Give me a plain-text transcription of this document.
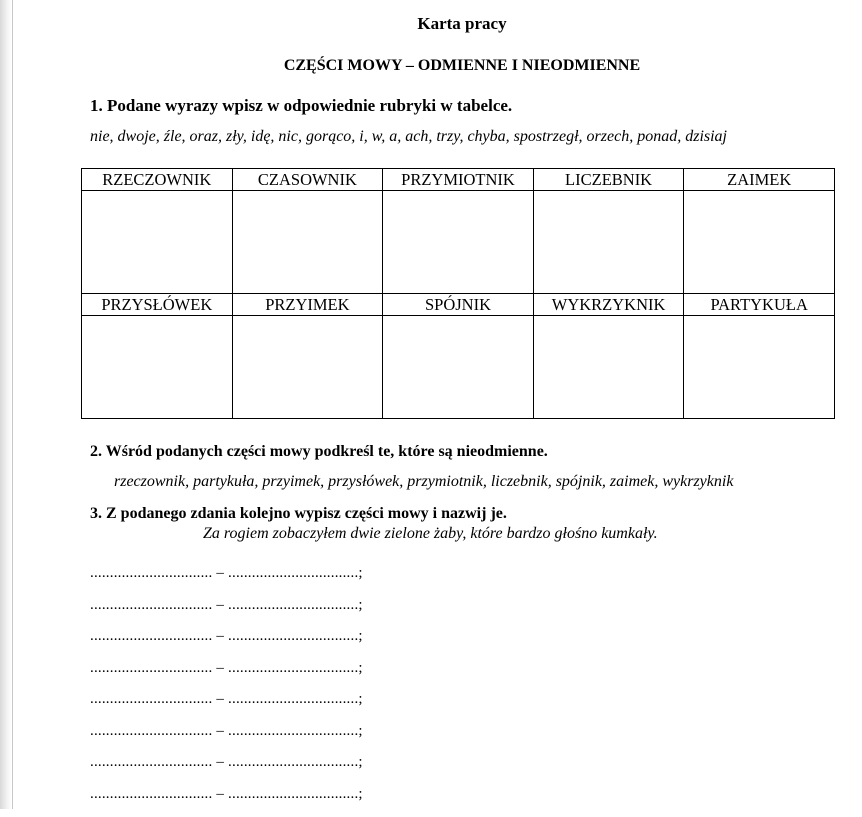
Karta pracy
CZĘŚCI MOWY – ODMIENNE I NIEODMIENNE
1. Podane wyrazy wpisz w odpowiednie rubryki w tabelce.
nie, dwoje, źle, oraz, zły, idę, nic, gorąco, i, w, a, ach, trzy, chyba, spostrzegł, orzech, ponad, dzisiaj
RZECZOWNIK	CZASOWNIK	PRZYMIOTNIK	LICZEBNIK	ZAIMEK

PRZYSŁÓWEK	PRZYIMEK	SPÓJNIK	WYKRZYKNIK	PARTYKUŁA

2. Wśród podanych części mowy podkreśl te, które są nieodmienne.
rzeczownik, partykuła, przyimek, przysłówek, przymiotnik, liczebnik, spójnik, zaimek, wykrzyknik
3. Z podanego zdania kolejno wypisz części mowy i nazwij je.
Za rogiem zobaczyłem dwie zielone żaby, które bardzo głośno kumkały.
............................... – .................................;
............................... – .................................;
............................... – .................................;
............................... – .................................;
............................... – .................................;
............................... – .................................;
............................... – .................................;
............................... – .................................;
